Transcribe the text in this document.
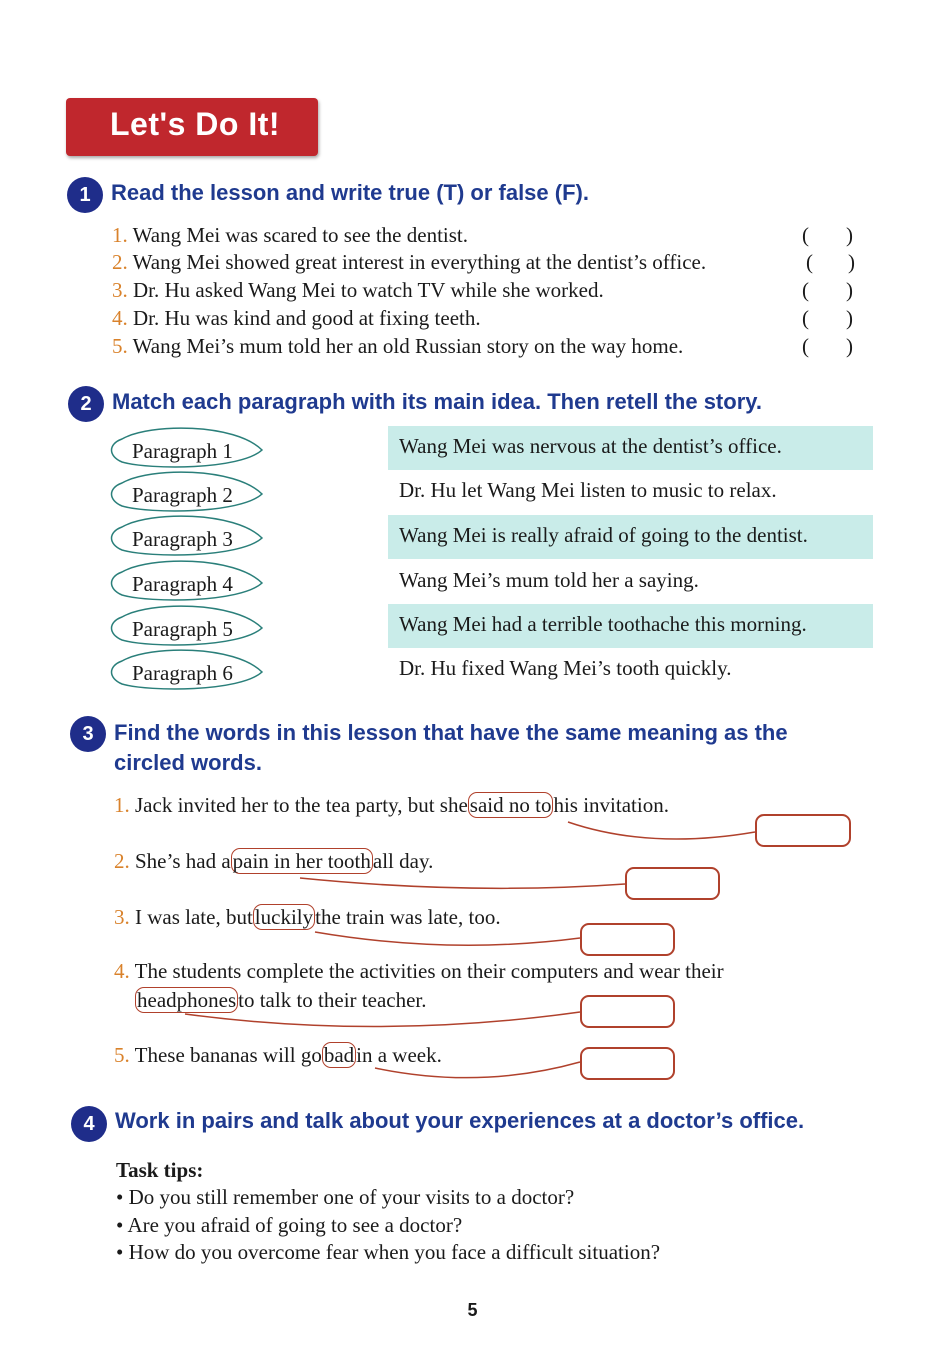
Let's Do It!
1 Read the lesson and write true (T) or false (F).
1. Wang Mei was scared to see the dentist.
2. Wang Mei showed great interest in everything at the dentist’s office.
3. Dr. Hu asked Wang Mei to watch TV while she worked.
4. Dr. Hu was kind and good at fixing teeth.
5. Wang Mei’s mum told her an old Russian story on the way home.
( )
( )
( )
( )
( )
2 Match each paragraph with its main idea. Then retell the story.
Wang Mei was nervous at the dentist’s office.
Dr. Hu let Wang Mei listen to music to relax.
Wang Mei is really afraid of going to the dentist.
Wang Mei’s mum told her a saying.
Wang Mei had a terrible toothache this morning.
Dr. Hu fixed Wang Mei’s tooth quickly.
Paragraph 1
Paragraph 2
Paragraph 3
Paragraph 4
Paragraph 5
Paragraph 6
3 Find the words in this lesson that have the same meaning as the
circled words.
1. Jack invited her to the tea party, but shesaid no tohis invitation.
2. She’s had apain in her toothall day.
3. I was late, butluckilythe train was late, too.
4. The students complete the activities on their computers and wear their
headphonesto talk to their teacher.
5. These bananas will gobadin a week.
4 Work in pairs and talk about your experiences at a doctor’s office.
Task tips:
• Do you still remember one of your visits to a doctor?
• Are you afraid of going to see a doctor?
• How do you overcome fear when you face a difficult situation?
5
